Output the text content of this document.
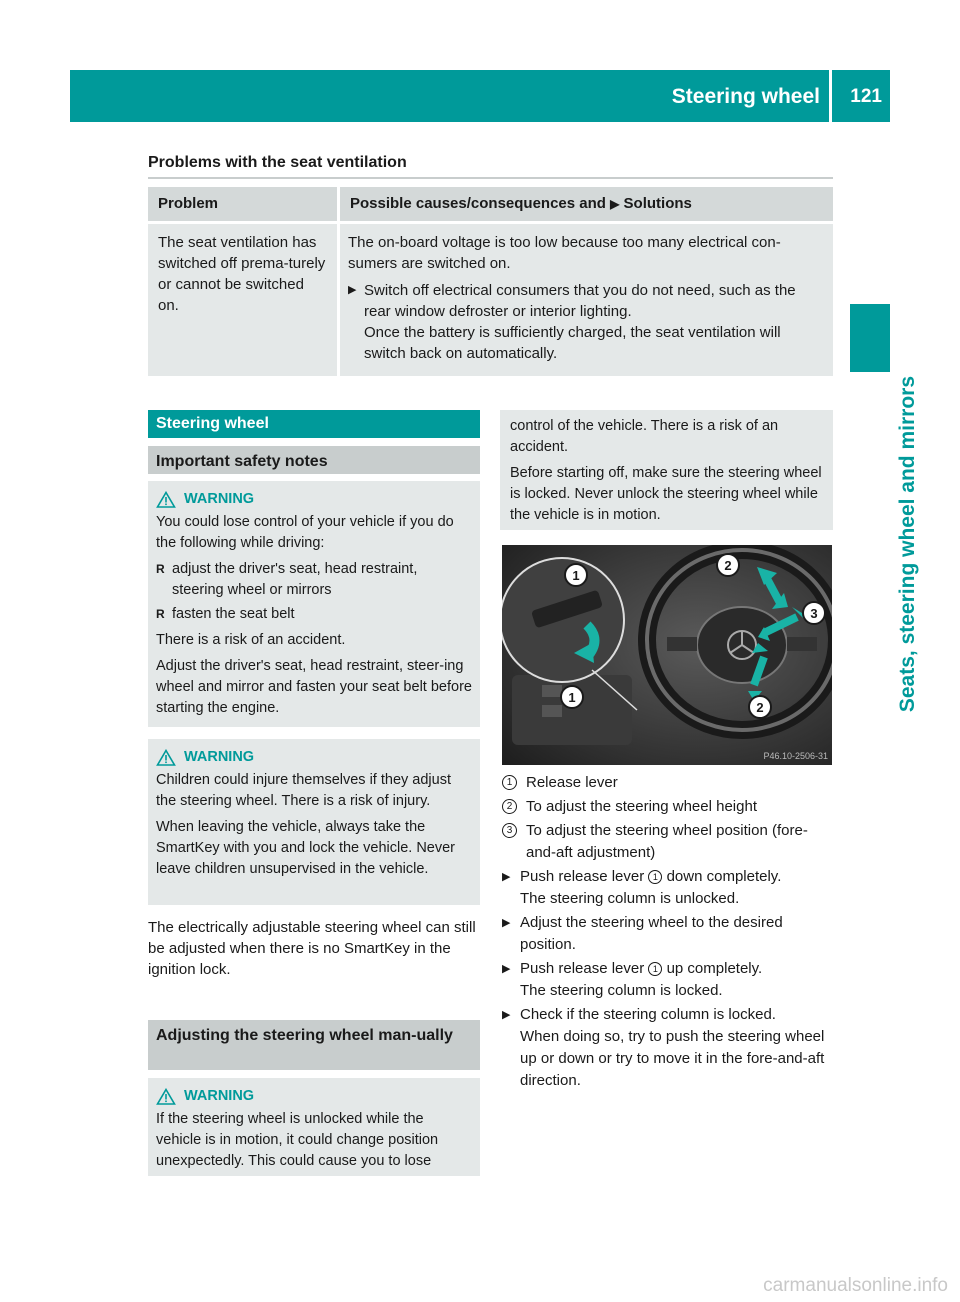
Steering wheel 121
Seats, steering wheel and mirrors
Problems with the seat ventilation
Problem	Possible causes/consequences and ▶ Solutions
The seat ventilation has switched off prema-turely or cannot be switched on.
The on-board voltage is too low because too many electrical con-sumers are switched on.
▶ Switch off electrical consumers that you do not need, such as the rear window defroster or interior lighting.
Once the battery is sufficiently charged, the seat ventilation will switch back on automatically.
Steering wheel
Important safety notes
WARNING

You could lose control of your vehicle if you do the following while driving:

R adjust the driver's seat, head restraint, steering wheel or mirrors
R fasten the seat belt

There is a risk of an accident.

Adjust the driver's seat, head restraint, steer-ing wheel and mirror and fasten your seat belt before starting the engine.

WARNING

Children could injure themselves if they adjust the steering wheel. There is a risk of injury.

When leaving the vehicle, always take the SmartKey with you and lock the vehicle. Never leave children unsupervised in the vehicle.

The electrically adjustable steering wheel can still be adjusted when there is no SmartKey in the ignition lock.
Adjusting the steering wheel man-ually
WARNING

If the steering wheel is unlocked while the vehicle is in motion, it could change position unexpectedly. This could cause you to lose

control of the vehicle. There is a risk of an accident.

Before starting off, make sure the steering wheel is locked. Never unlock the steering wheel while the vehicle is in motion.

1
2
3
2
1
P46.10-2506-31
1 Release lever
2 To adjust the steering wheel height
3 To adjust the steering wheel position (fore-and-aft adjustment)
▶ Push release lever 1 down completely.
The steering column is unlocked.
▶ Adjust the steering wheel to the desired position.
▶ Push release lever 1 up completely.
The steering column is locked.
▶ Check if the steering column is locked.
When doing so, try to push the steering wheel up or down or try to move it in the fore-and-aft direction.
carmanualsonline.info
